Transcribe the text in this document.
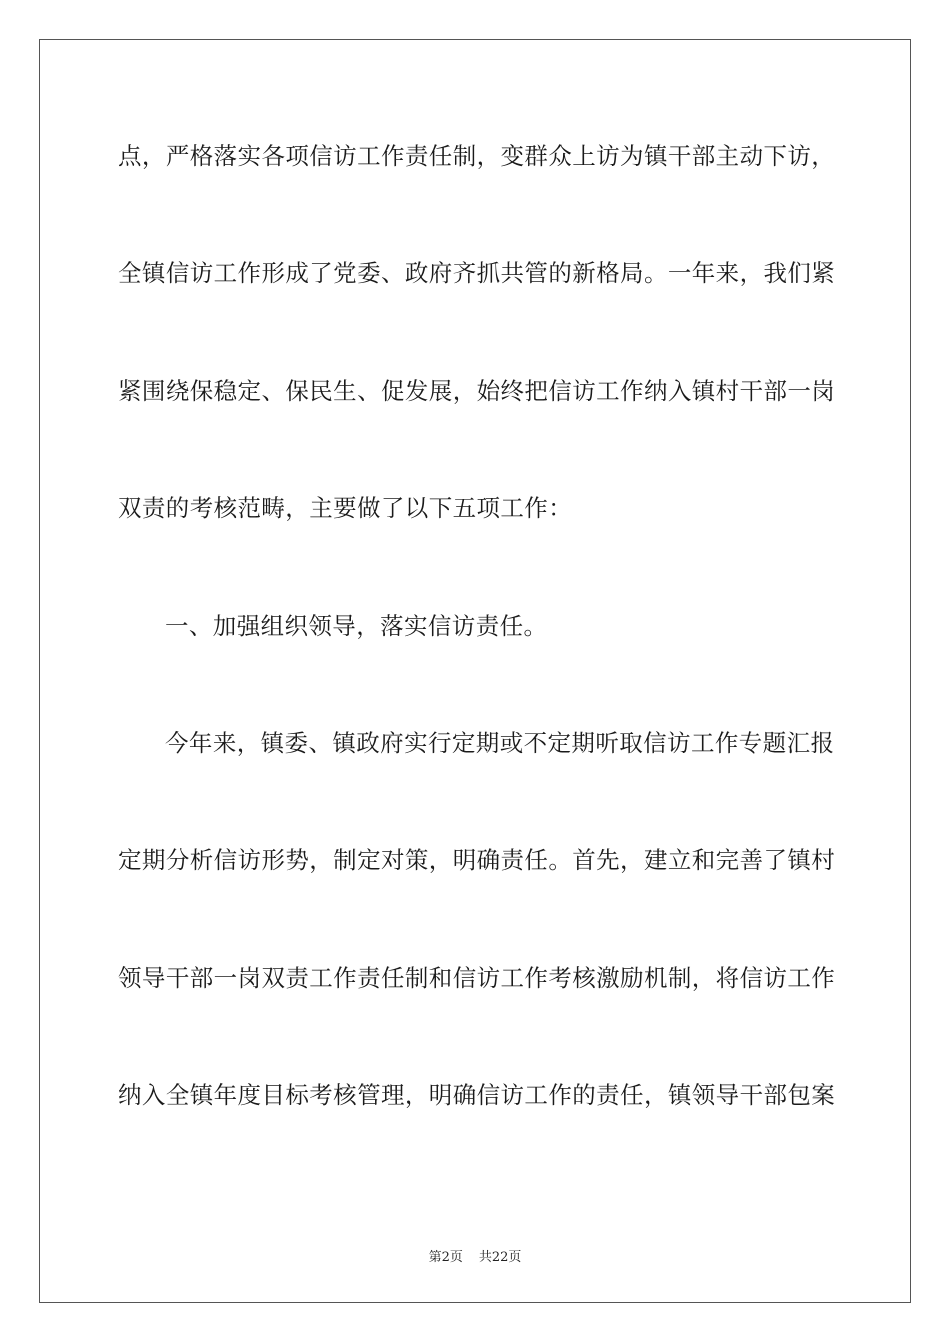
点 ， 严 格 落 实 各 项 信 访 工 作 责 任 制 ， 变 群 众 上 访 为 镇 干 部 主 动 下 访 ，
全 镇 信 访 工 作 形 成 了 党 委 、 政 府 齐 抓 共 管 的 新 格 局 。 一 年 来 ， 我 们 紧
紧 围 绕 保 稳 定 、 保 民 生 、 促 发 展 ， 始 终 把 信 访 工 作 纳 入 镇 村 干 部 一 岗
双责的考核范畴，主要做了以下五项工作：
一、加强组织领导，落实信访责任。
今 年 来 ， 镇 委 、 镇 政 府 实 行 定 期 或 不 定 期 听 取 信 访 工 作 专 题 汇 报
定 期 分 析 信 访 形 势 ， 制 定 对 策 ， 明 确 责 任 。 首 先 ， 建 立 和 完 善 了 镇 村
领 导 干 部 一 岗 双 责 工 作 责 任 制 和 信 访 工 作 考 核 激 励 机 制 ， 将 信 访 工 作
纳 入 全 镇 年 度 目 标 考 核 管 理 ， 明 确 信 访 工 作 的 责 任 ， 镇 领 导 干 部 包 案
第2页 共22页
